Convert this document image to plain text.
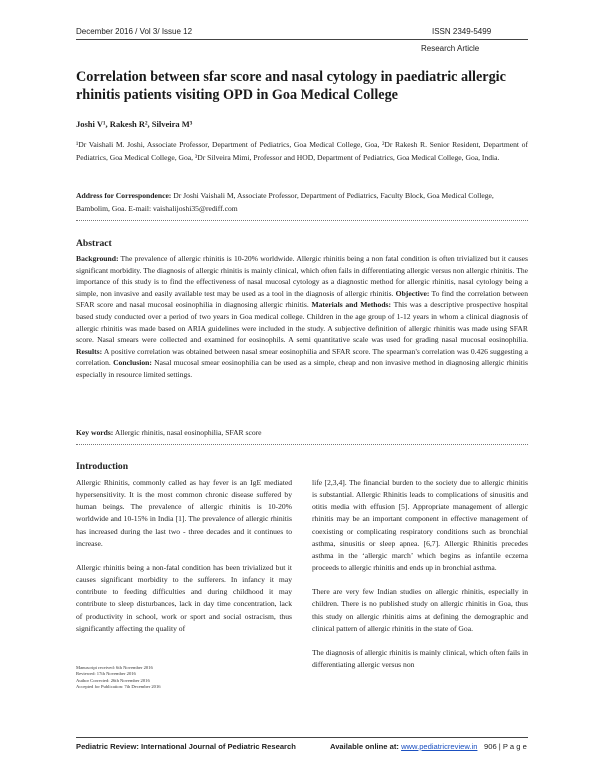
December 2016 / Vol 3/ Issue 12	ISSN 2349-5499
Research Article
Correlation between sfar score and nasal cytology in paediatric allergic rhinitis patients visiting OPD in Goa Medical College
Joshi V¹, Rakesh R², Silveira M³
¹Dr Vaishali M. Joshi, Associate Professor, Department of Pediatrics, Goa Medical College, Goa, ²Dr Rakesh R. Senior Resident, Department of Pediatrics, Goa Medical College, Goa, ³Dr Silveira Mimi, Professor and HOD, Department of Pediatrics, Goa Medical College, Goa, India.
Address for Correspondence: Dr Joshi Vaishali M, Associate Professor, Department of Pediatrics, Faculty Block, Goa Medical College, Bambolim, Goa. E-mail: vaishalijoshi35@rediff.com
Abstract
Background: The prevalence of allergic rhinitis is 10-20% worldwide. Allergic rhinitis being a non fatal condition is often trivialized but it causes significant morbidity. The diagnosis of allergic rhinitis is mainly clinical, which often fails in differentiating allergic versus non allergic rhinitis. The importance of this study is to find the effectiveness of nasal mucosal cytology as a diagnostic method for allergic rhinitis, nasal cytology being a simple, non invasive and easily available test may be used as a tool in the diagnosis of allergic rhinitis. Objective: To find the correlation between SFAR score and nasal mucosal eosinophilia in diagnosing allergic rhinitis. Materials and Methods: This was a descriptive prospective hospital based study conducted over a period of two years in Goa medical college. Children in the age group of 1-12 years in whom a clinical diagnosis of allergic rhinitis was made based on ARIA guidelines were included in the study. A subjective definition of allergic rhinitis was made using SFAR score. Nasal smears were collected and examined for eosinophils. A semi quantitative scale was used for grading nasal mucosal eosinophilia. Results: A positive correlation was obtained between nasal smear eosinophilia and SFAR score. The spearman's correlation was 0.426 suggesting a correlation. Conclusion: Nasal mucosal smear eosinophilia can be used as a simple, cheap and non invasive method in diagnosing allergic rhinitis especially in resource limited settings.
Key words: Allergic rhinitis, nasal eosinophilia, SFAR score
Introduction

Allergic Rhinitis, commonly called as hay fever is an IgE mediated hypersensitivity. It is the most common chronic disease suffered by human beings. The prevalence of allergic rhinitis is 10-20% worldwide and 10-15% in India [1]. The prevalence of allergic rhinitis has increased during the last two - three decades and it continues to increase.

Allergic rhinitis being a non-fatal condition has been trivialized but it causes significant morbidity to the sufferers. In infancy it may contribute to feeding difficulties and during childhood it may contribute to sleep disturbances, lack in day time concentration, lack of productivity in school, work or sport and social ostracism, thus significantly affecting the quality of

life [2,3,4]. The financial burden to the society due to allergic rhinitis is substantial. Allergic Rhinitis leads to complications of sinusitis and otitis media with effusion [5]. Appropriate management of allergic rhinitis may be an important component in effective management of coexisting or complicating respiratory conditions such as bronchial asthma, sinusitis or sleep apnea. [6,7]. Allergic Rhinitis precedes asthma in the ‘allergic march’ which begins as infantile eczema proceeds to allergic rhinitis and ends up in bronchial asthma.

There are very few Indian studies on allergic rhinitis, especially in children. There is no published study on allergic rhinitis in Goa, thus this study on allergic rhinitis aims at defining the demographic and clinical pattern of allergic rhinitis in the state of Goa.

The diagnosis of allergic rhinitis is mainly clinical, which often fails in differentiating allergic versus non

Manuscript received: 6th November 2016
Reviewed: 17th November 2016
Author Corrected: 26th November 2016
Accepted for Publication: 7th December 2016
Pediatric Review: International Journal of Pediatric Research	Available online at: www.pediatricreview.in 906 | P a g e
